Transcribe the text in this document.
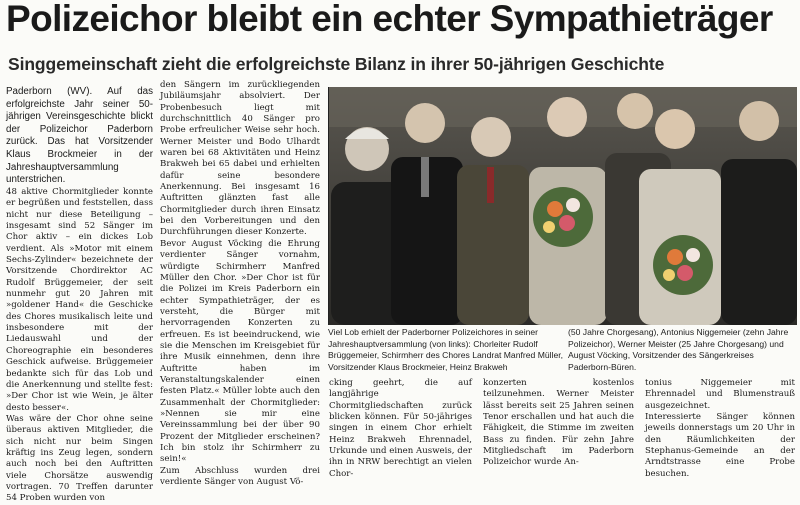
Polizeichor bleibt ein echter Sympathieträger
Singgemeinschaft zieht die erfolgreichste Bilanz in ihrer 50-jährigen Geschichte
Paderborn (WV). Auf das erfolgreichste Jahr seiner 50-jährigen Vereinsgeschichte blickt der Polizeichor Paderborn zurück. Das hat Vorsitzender Klaus Brockmeier in der Jahreshauptversammlung unterstrichen.
48 aktive Chormitglieder konnte er begrüßen und feststellen, dass nicht nur diese Beteiligung – insgesamt sind 52 Sänger im Chor aktiv – ein dickes Lob verdient. Als »Motor mit einem Sechs-Zylinder« bezeichnete der Vorsitzende Chordirektor AC Rudolf Brüggemeier, der seit nunmehr gut 20 Jahren mit »goldener Hand« die Geschicke des Chores musikalisch leite und insbesondere mit der Liedauswahl und der Choreographie ein besonderes Geschick aufweise. Brüggemeier bedankte sich für das Lob und die Anerkennung und stellte fest: »Der Chor ist wie Wein, je älter desto besser«.
Was wäre der Chor ohne seine überaus aktiven Mitglieder, die sich nicht nur beim Singen kräftig ins Zeug legen, sondern auch noch bei den Auftritten viele Chorsätze auswendig vortragen. 70 Treffen darunter 54 Proben wurden von
den Sängern im zurückliegenden Jubiläumsjahr absolviert. Der Probenbesuch liegt mit durchschnittlich 40 Sänger pro Probe erfreulicher Weise sehr hoch. Werner Meister und Bodo Ulhardt waren bei 68 Aktivitäten und Heinz Brakweh bei 65 dabei und erhielten dafür seine besondere Anerkennung. Bei insgesamt 16 Auftritten glänzten fast alle Chormitglieder durch ihren Einsatz bei den Vorbereitungen und den Durchführungen dieser Konzerte.
Bevor August Vöcking die Ehrung verdienter Sänger vornahm, würdigte Schirmherr Manfred Müller den Chor. »Der Chor ist für die Polizei im Kreis Paderborn ein echter Sympathieträger, der es versteht, die Bürger mit hervorragenden Konzerten zu erfreuen. Es ist beeindruckend, wie sie die Menschen im Kreisgebiet für ihre Musik einnehmen, denn ihre Auftritte haben im Veranstaltungskalender einen festen Platz.« Müller lobte auch den Zusammenhalt der Chormitglieder: »Nennen sie mir eine Vereinssammlung bei der über 90 Prozent der Mitglieder erscheinen? Ich bin stolz ihr Schirmherr zu sein!«
Zum Abschluss wurden drei verdiente Sänger von August Vö-
Viel Lob erhielt der Paderborner Polizeichores in seiner Jahreshauptversammlung (von links): Chorleiter Rudolf Brüggemeier, Schirmherr des Chores Landrat Manfred Müller, Vorsitzender Klaus Brockmeier, Heinz Brakweh
(50 Jahre Chorgesang), Antonius Niggemeier (zehn Jahre Polizeichor), Werner Meister (25 Jahre Chorgesang) und August Vöcking, Vorsitzender des Sängerkreises Paderborn-Büren.
cking geehrt, die auf langjährige Chormitgliedschaften zurück blicken können. Für 50-jähriges singen in einem Chor erhielt Heinz Brakweh Ehrennadel, Urkunde und einen Ausweis, der ihn in NRW berechtigt an vielen Chor-
konzerten kostenlos teilzunehmen. Werner Meister lässt bereits seit 25 Jahren seinen Tenor erschallen und hat auch die Fähigkeit, die Stimme im zweiten Bass zu finden. Für zehn Jahre Mitgliedschaft im Paderborn Polizeichor wurde An-
tonius Niggemeier mit Ehrennadel und Blumenstrauß ausgezeichnet.
Interessierte Sänger können jeweils donnerstags um 20 Uhr in den Räumlichkeiten der Stephanus-Gemeinde an der Arndtstrasse eine Probe besuchen.
